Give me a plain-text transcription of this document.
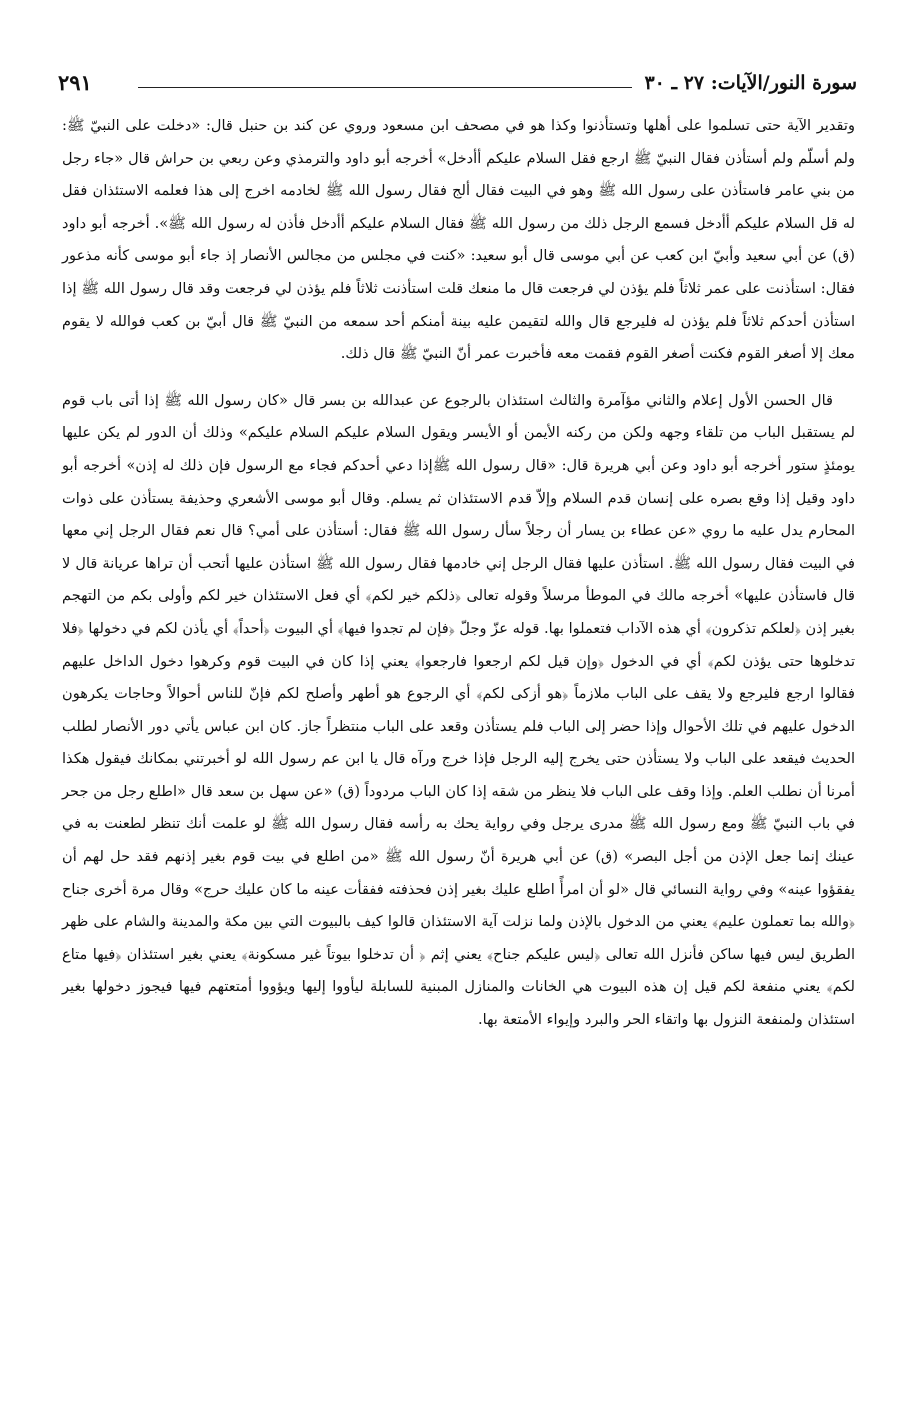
سورة النور/الآيات: ٢٧ ـ ٣٠
٢٩١

وتقدير الآية حتى تسلموا على أهلها وتستأذنوا وكذا هو في مصحف ابن مسعود وروي عن كند بن حنبل قال: «دخلت على النبيّ ﷺ: ولم أسلّم ولم أستأذن فقال النبيّ ﷺ ارجع فقل السلام عليكم أأدخل» أخرجه أبو داود والترمذي وعن ربعي بن حراش قال «جاء رجل من بني عامر فاستأذن على رسول الله ﷺ وهو في البيت فقال ألج فقال رسول الله ﷺ لخادمه اخرج إلى هذا فعلمه الاستئذان فقل له قل السلام عليكم أأدخل فسمع الرجل ذلك من رسول الله ﷺ فقال السلام عليكم أأدخل فأذن له رسول الله ﷺ». أخرجه أبو داود (ق) عن أبي سعيد وأبيّ ابن كعب عن أبي موسى قال أبو سعيد: «كنت في مجلس من مجالس الأنصار إذ جاء أبو موسى كأنه مذعور فقال: استأذنت على عمر ثلاثاً فلم يؤذن لي فرجعت قال ما منعك قلت استأذنت ثلاثاً فلم يؤذن لي فرجعت وقد قال رسول الله ﷺ إذا استأذن أحدكم ثلاثاً فلم يؤذن له فليرجع قال والله لتقيمن عليه بينة أمنكم أحد سمعه من النبيّ ﷺ قال أبيّ بن كعب فوالله لا يقوم معك إلا أصغر القوم فكنت أصغر القوم فقمت معه فأخبرت عمر أنّ النبيّ ﷺ قال ذلك.

قال الحسن الأول إعلام والثاني مؤآمرة والثالث استئذان بالرجوع عن عبدالله بن بسر قال «كان رسول الله ﷺ إذا أتى باب قوم لم يستقبل الباب من تلقاء وجهه ولكن من ركنه الأيمن أو الأيسر ويقول السلام عليكم السلام عليكم» وذلك أن الدور لم يكن عليها يومئذٍ ستور أخرجه أبو داود وعن أبي هريرة قال: «قال رسول الله ﷺإذا دعي أحدكم فجاء مع الرسول فإن ذلك له إذن» أخرجه أبو داود وقيل إذا وقع بصره على إنسان قدم السلام وإلاّ قدم الاستئذان ثم يسلم. وقال أبو موسى الأشعري وحذيفة يستأذن على ذوات المحارم يدل عليه ما روي «عن عطاء بن يسار أن رجلاً سأل رسول الله ﷺ فقال: أستأذن على أمي؟ قال نعم فقال الرجل إني معها في البيت فقال رسول الله ﷺ. استأذن عليها فقال الرجل إني خادمها فقال رسول الله ﷺ استأذن عليها أتحب أن تراها عريانة قال لا قال فاستأذن عليها» أخرجه مالك في الموطأ مرسلاً وقوله تعالى ﴿ذلكم خير لكم﴾ أي فعل الاستئذان خير لكم وأولى بكم من التهجم بغير إذن ﴿لعلكم تذكرون﴾ أي هذه الآداب فتعملوا بها. قوله عزّ وجلّ ﴿فإن لم تجدوا فيها﴾ أي البيوت ﴿أحداً﴾ أي يأذن لكم في دخولها ﴿فلا تدخلوها حتى يؤذن لكم﴾ أي في الدخول ﴿وإن قيل لكم ارجعوا فارجعوا﴾ يعني إذا كان في البيت قوم وكرهوا دخول الداخل عليهم فقالوا ارجع فليرجع ولا يقف على الباب ملازماً ﴿هو أزكى لكم﴾ أي الرجوع هو أطهر وأصلح لكم فإنّ للناس أحوالاً وحاجات يكرهون الدخول عليهم في تلك الأحوال وإذا حضر إلى الباب فلم يستأذن وقعد على الباب منتظراً جاز. كان ابن عباس يأتي دور الأنصار لطلب الحديث فيقعد على الباب ولا يستأذن حتى يخرج إليه الرجل فإذا خرج ورآه قال يا ابن عم رسول الله لو أخبرتني بمكانك فيقول هكذا أمرنا أن نطلب العلم. وإذا وقف على الباب فلا ينظر من شقه إذا كان الباب مردوداً (ق) «عن سهل بن سعد قال «اطلع رجل من جحر في باب النبيّ ﷺ ومع رسول الله ﷺ مدرى يرجل وفي رواية يحك به رأسه فقال رسول الله ﷺ لو علمت أنك تنظر لطعنت به في عينك إنما جعل الإذن من أجل البصر» (ق) عن أبي هريرة أنّ رسول الله ﷺ «من اطلع في بيت قوم بغير إذنهم فقد حل لهم أن يفقؤوا عينه» وفي رواية النسائي قال «لو أن امرأً اطلع عليك بغير إذن فحذفته ففقأت عينه ما كان عليك حرج» وقال مرة أخرى جناح ﴿والله بما تعملون عليم﴾ يعني من الدخول بالإذن ولما نزلت آية الاستئذان قالوا كيف بالبيوت التي بين مكة والمدينة والشام على ظهر الطريق ليس فيها ساكن فأنزل الله تعالى ﴿ليس عليكم جناح﴾ يعني إثم ﴿ أن تدخلوا بيوتاً غير مسكونة﴾ يعني بغير استئذان ﴿فيها متاع لكم﴾ يعني منفعة لكم قيل إن هذه البيوت هي الخانات والمنازل المبنية للسابلة ليأووا إليها ويؤووا أمتعتهم فيها فيجوز دخولها بغير استئذان ولمنفعة النزول بها واتقاء الحر والبرد وإيواء الأمتعة بها.
